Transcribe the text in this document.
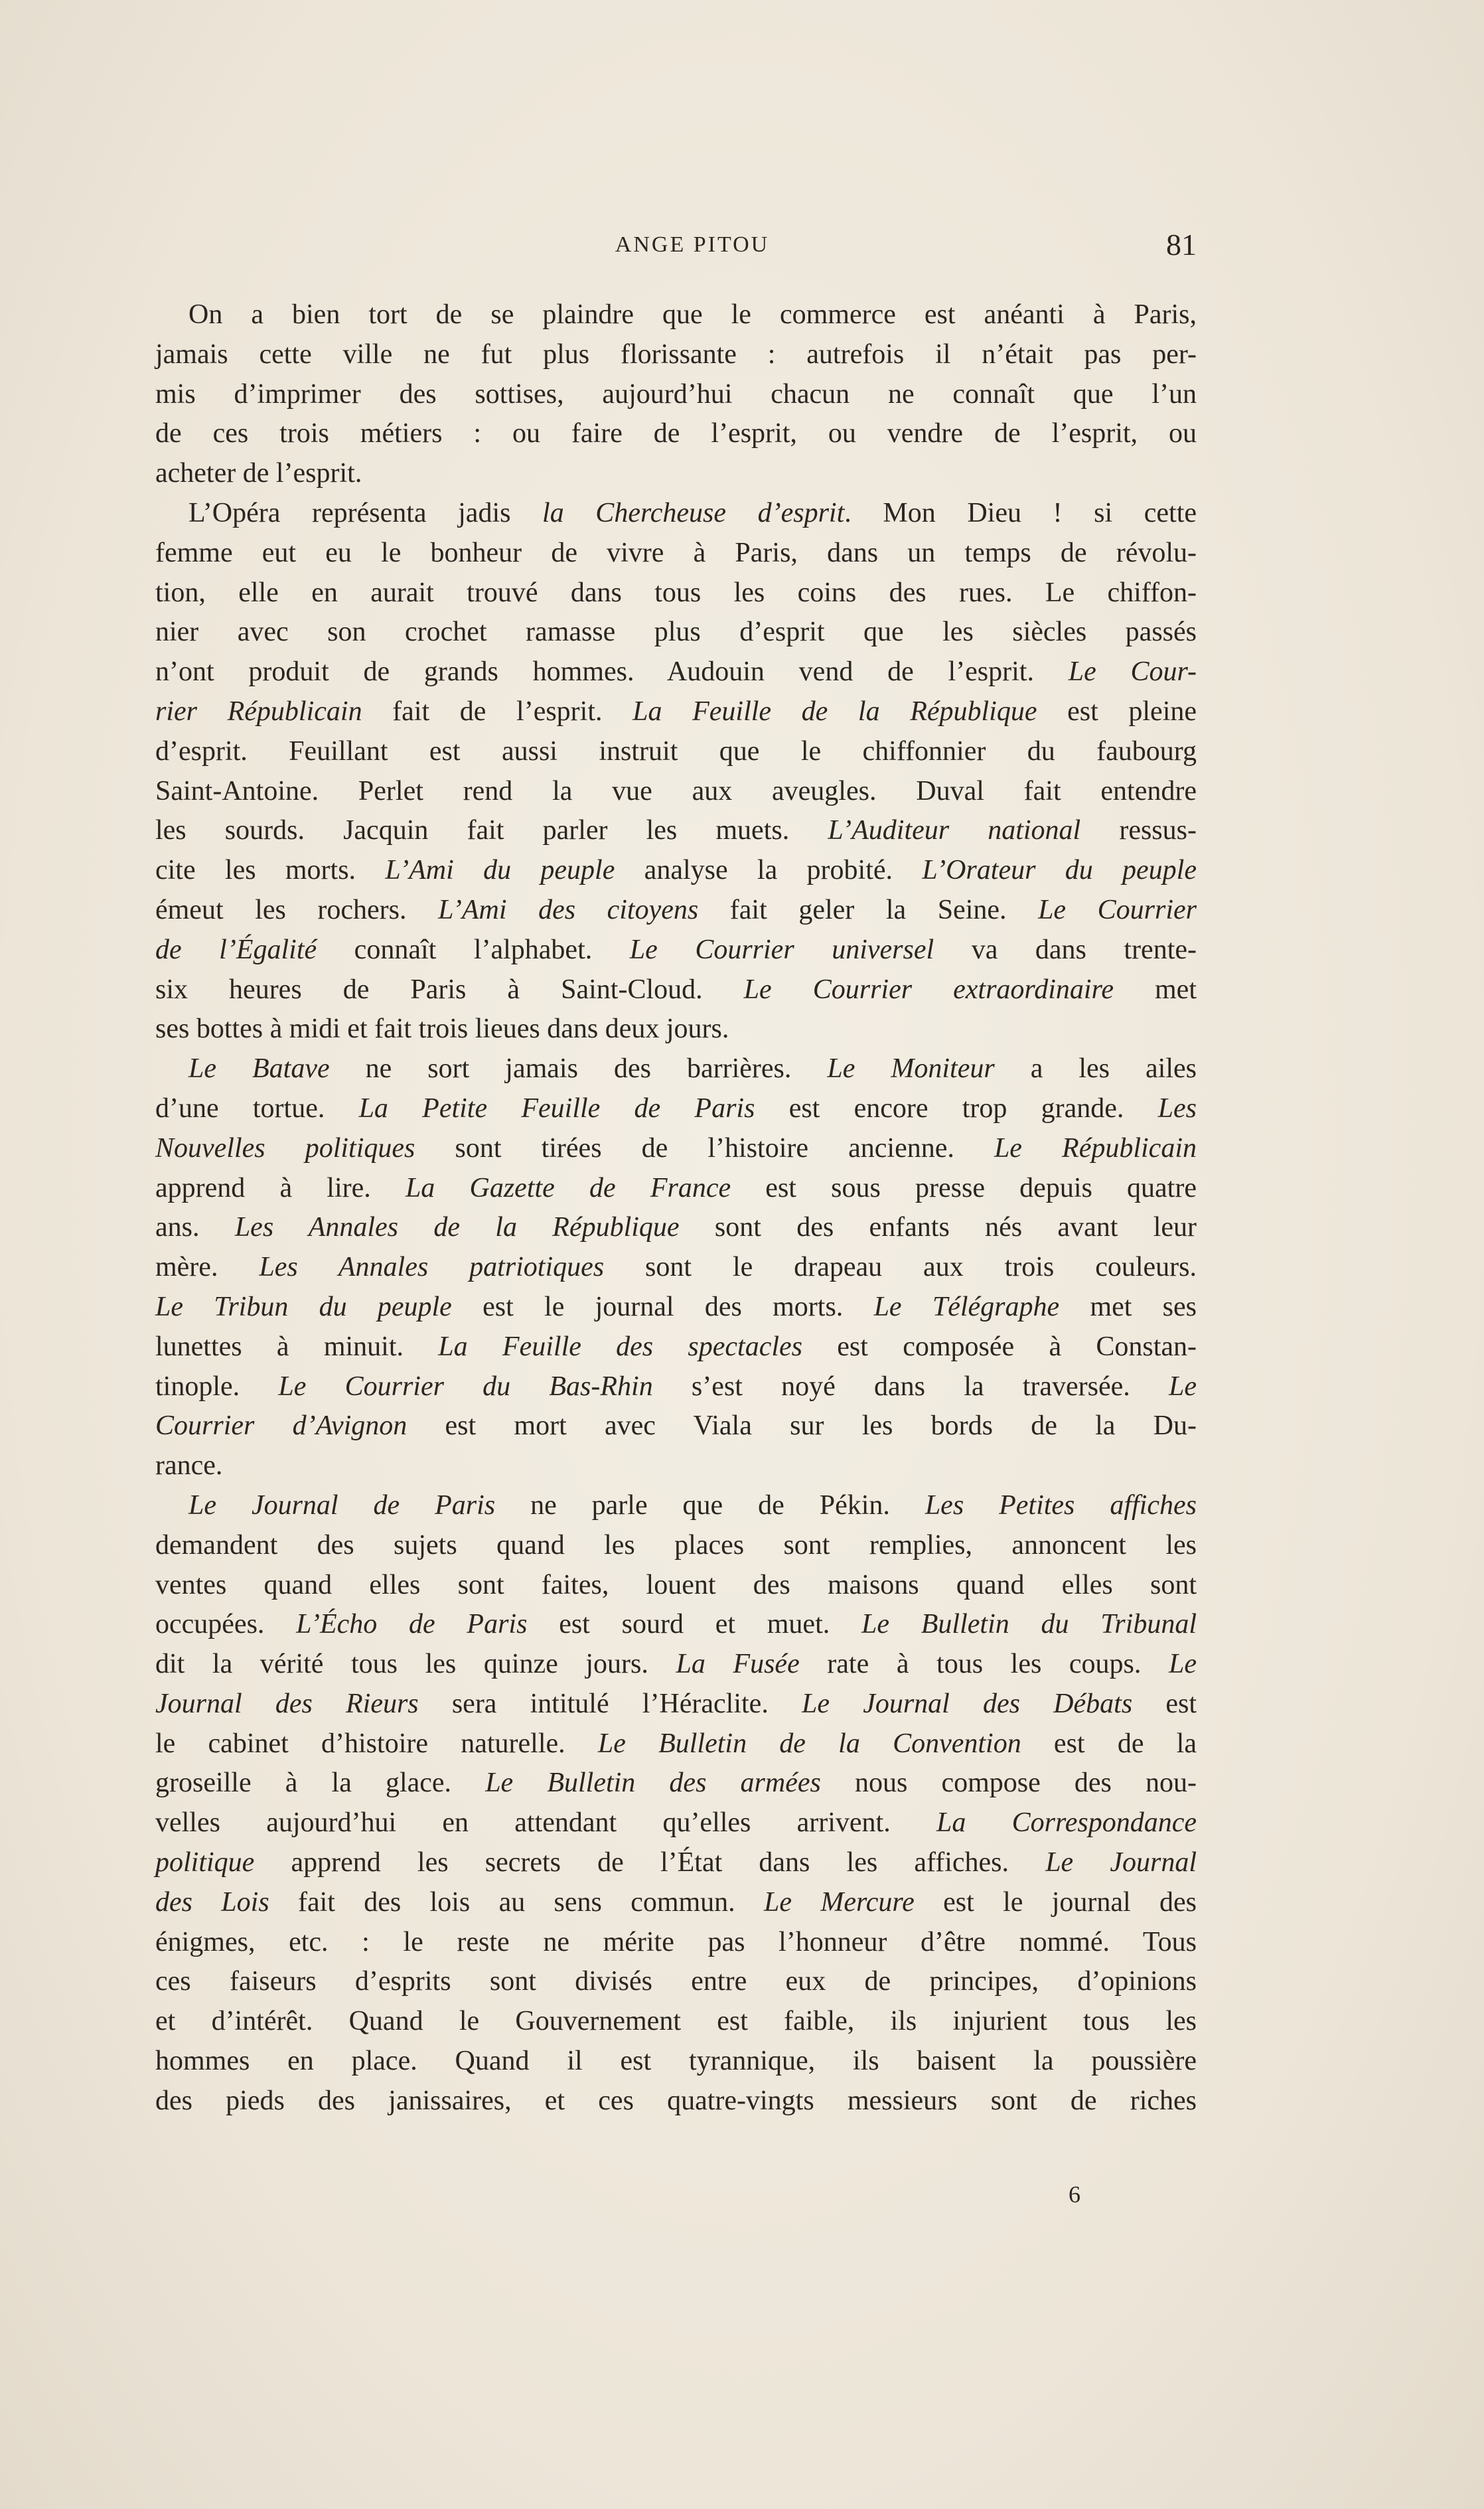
ANGE PITOU	81
On a bien tort de se plaindre que le commerce est anéanti à Paris,
jamais cette ville ne fut plus florissante : autrefois il n’était pas per-
mis d’imprimer des sottises, aujourd’hui chacun ne connaît que l’un
de ces trois métiers : ou faire de l’esprit, ou vendre de l’esprit, ou
acheter de l’esprit.
L’Opéra représenta jadis la Chercheuse d’esprit. Mon Dieu ! si cette
femme eut eu le bonheur de vivre à Paris, dans un temps de révolu-
tion, elle en aurait trouvé dans tous les coins des rues. Le chiffon-
nier avec son crochet ramasse plus d’esprit que les siècles passés
n’ont produit de grands hommes. Audouin vend de l’esprit. Le Cour-
rier Républicain fait de l’esprit. La Feuille de la République est pleine
d’esprit. Feuillant est aussi instruit que le chiffonnier du faubourg
Saint-Antoine. Perlet rend la vue aux aveugles. Duval fait entendre
les sourds. Jacquin fait parler les muets. L’Auditeur national ressus-
cite les morts. L’Ami du peuple analyse la probité. L’Orateur du peuple
émeut les rochers. L’Ami des citoyens fait geler la Seine. Le Courrier
de l’Égalité connaît l’alphabet. Le Courrier universel va dans trente-
six heures de Paris à Saint-Cloud. Le Courrier extraordinaire met
ses bottes à midi et fait trois lieues dans deux jours.
Le Batave ne sort jamais des barrières. Le Moniteur a les ailes
d’une tortue. La Petite Feuille de Paris est encore trop grande. Les
Nouvelles politiques sont tirées de l’histoire ancienne. Le Républicain
apprend à lire. La Gazette de France est sous presse depuis quatre
ans. Les Annales de la République sont des enfants nés avant leur
mère. Les Annales patriotiques sont le drapeau aux trois couleurs.
Le Tribun du peuple est le journal des morts. Le Télégraphe met ses
lunettes à minuit. La Feuille des spectacles est composée à Constan-
tinople. Le Courrier du Bas-Rhin s’est noyé dans la traversée. Le
Courrier d’Avignon est mort avec Viala sur les bords de la Du-
rance.
Le Journal de Paris ne parle que de Pékin. Les Petites affiches
demandent des sujets quand les places sont remplies, annoncent les
ventes quand elles sont faites, louent des maisons quand elles sont
occupées. L’Écho de Paris est sourd et muet. Le Bulletin du Tribunal
dit la vérité tous les quinze jours. La Fusée rate à tous les coups. Le
Journal des Rieurs sera intitulé l’Héraclite. Le Journal des Débats est
le cabinet d’histoire naturelle. Le Bulletin de la Convention est de la
groseille à la glace. Le Bulletin des armées nous compose des nou-
velles aujourd’hui en attendant qu’elles arrivent. La Correspondance
politique apprend les secrets de l’État dans les affiches. Le Journal
des Lois fait des lois au sens commun. Le Mercure est le journal des
énigmes, etc. : le reste ne mérite pas l’honneur d’être nommé. Tous
ces faiseurs d’esprits sont divisés entre eux de principes, d’opinions
et d’intérêt. Quand le Gouvernement est faible, ils injurient tous les
hommes en place. Quand il est tyrannique, ils baisent la poussière
des pieds des janissaires, et ces quatre-vingts messieurs sont de riches
6
